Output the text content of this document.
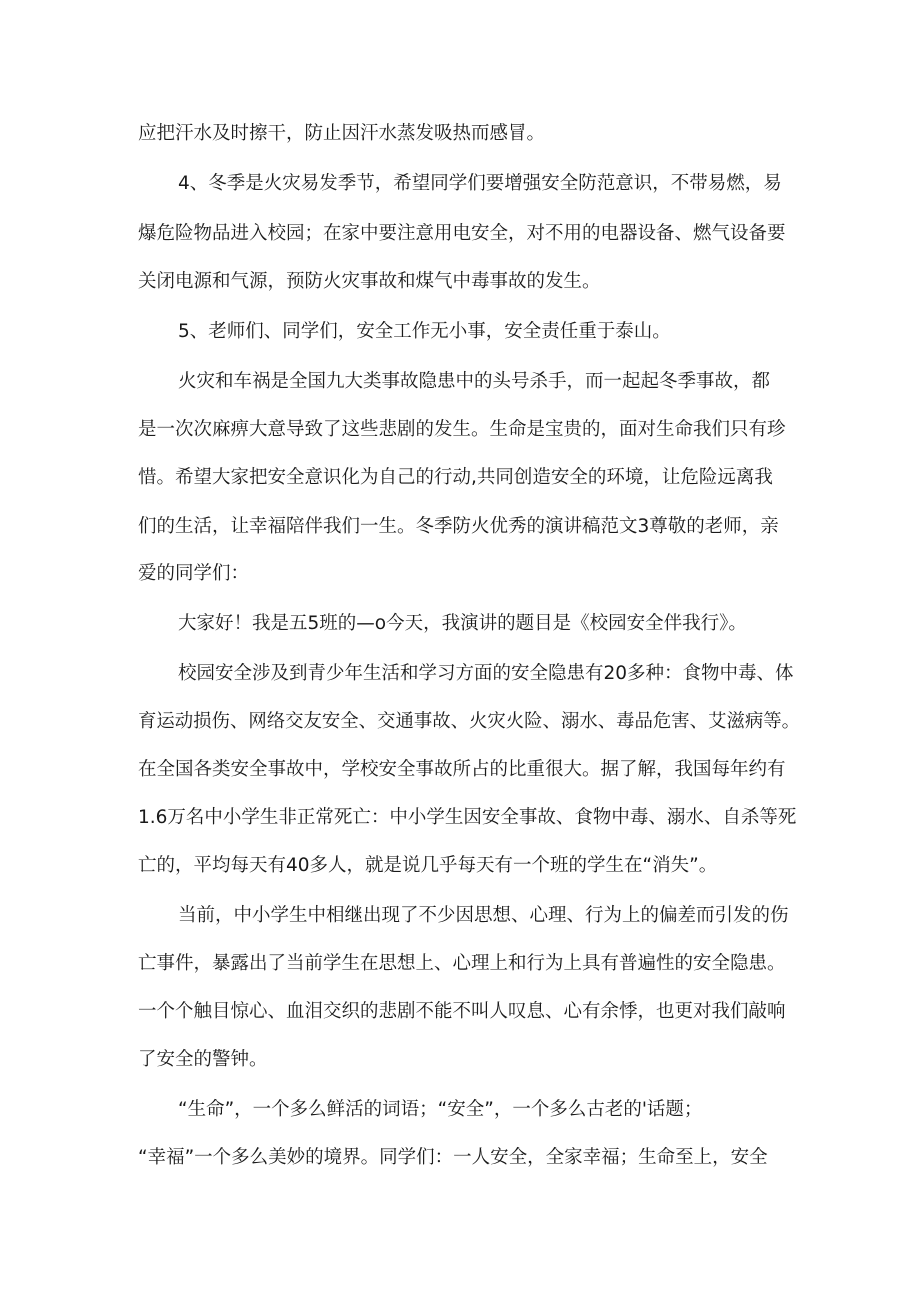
应把汗水及时擦干，防止因汗水蒸发吸热而感冒。
4、冬季是火灾易发季节，希望同学们要增强安全防范意识，不带易燃，易
爆危险物品进入校园；在家中要注意用电安全，对不用的电器设备、燃气设备要
关闭电源和气源，预防火灾事故和煤气中毒事故的发生。
5、老师们、同学们，安全工作无小事，安全责任重于泰山。
火灾和车祸是全国九大类事故隐患中的头号杀手，而一起起冬季事故，都
是一次次麻痹大意导致了这些悲剧的发生。生命是宝贵的，面对生命我们只有珍
惜。希望大家把安全意识化为自己的行动,共同创造安全的环境，让危险远离我
们的生活，让幸福陪伴我们一生。冬季防火优秀的演讲稿范文3尊敬的老师，亲
爱的同学们：
大家好！我是五5班的—o今天，我演讲的题目是《校园安全伴我行》。
校园安全涉及到青少年生活和学习方面的安全隐患有20多种：食物中毒、体
育运动损伤、网络交友安全、交通事故、火灾火险、溺水、毒品危害、艾滋病等。
在全国各类安全事故中，学校安全事故所占的比重很大。据了解，我国每年约有
1.6万名中小学生非正常死亡：中小学生因安全事故、食物中毒、溺水、自杀等死
亡的，平均每天有40多人，就是说几乎每天有一个班的学生在“消失”。
当前，中小学生中相继出现了不少因思想、心理、行为上的偏差而引发的伤
亡事件，暴露出了当前学生在思想上、心理上和行为上具有普遍性的安全隐患。
一个个触目惊心、血泪交织的悲剧不能不叫人叹息、心有余悸，也更对我们敲响
了安全的警钟。
“生命”，一个多么鲜活的词语；“安全”，一个多么古老的'话题；
“幸福”一个多么美妙的境界。同学们：一人安全，全家幸福；生命至上，安全
